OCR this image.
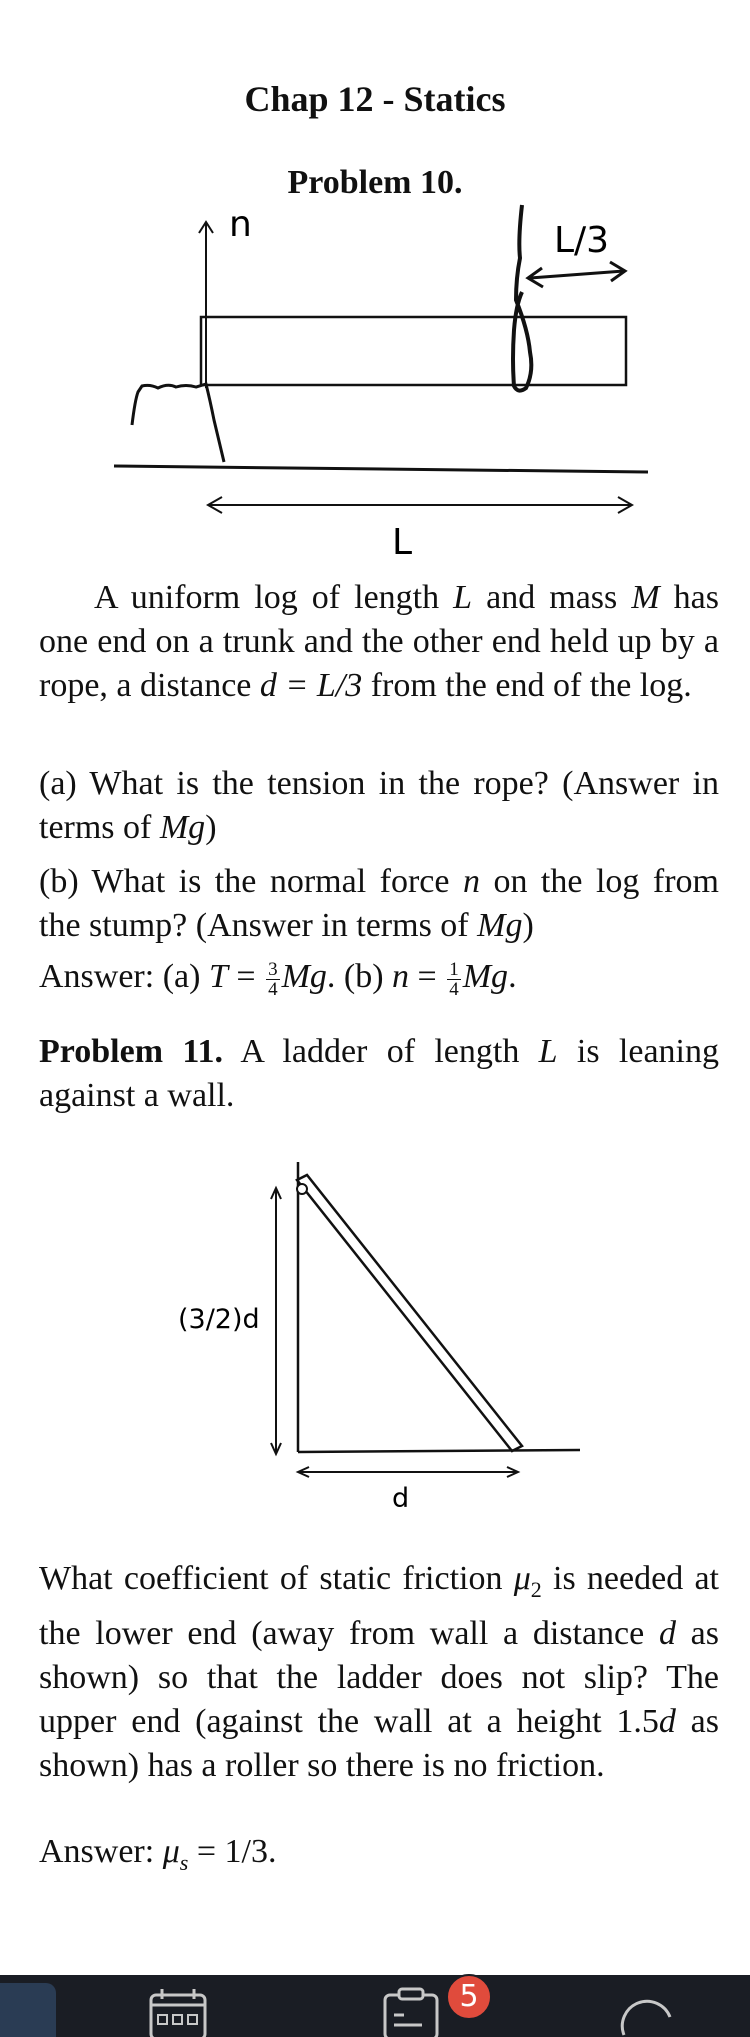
Chap 12 - Statics
Problem 10.
n	L/3
L
A uniform log of length L and mass M has one end on a trunk and the other end held up by a rope, a distance d = L/3 from the end of the log.
(a) What is the tension in the rope? (Answer in terms of Mg)
(b) What is the normal force n on the log from the stump? (Answer in terms of Mg)
Answer: (a) $T = \frac{3}{4} Mg$. (b) $n = \frac{1}{4} Mg$.
Problem 11. A ladder of length L is leaning against a wall.
(3/2)d
d
What coefficient of static friction $\mu_2$ is needed at the lower end (away from wall a distance d as shown) so that the ladder does not slip? The upper end (against the wall at a height 1.5d as shown) has a roller so there is no friction.
Answer: $\mu_s = 1/3$.
5
